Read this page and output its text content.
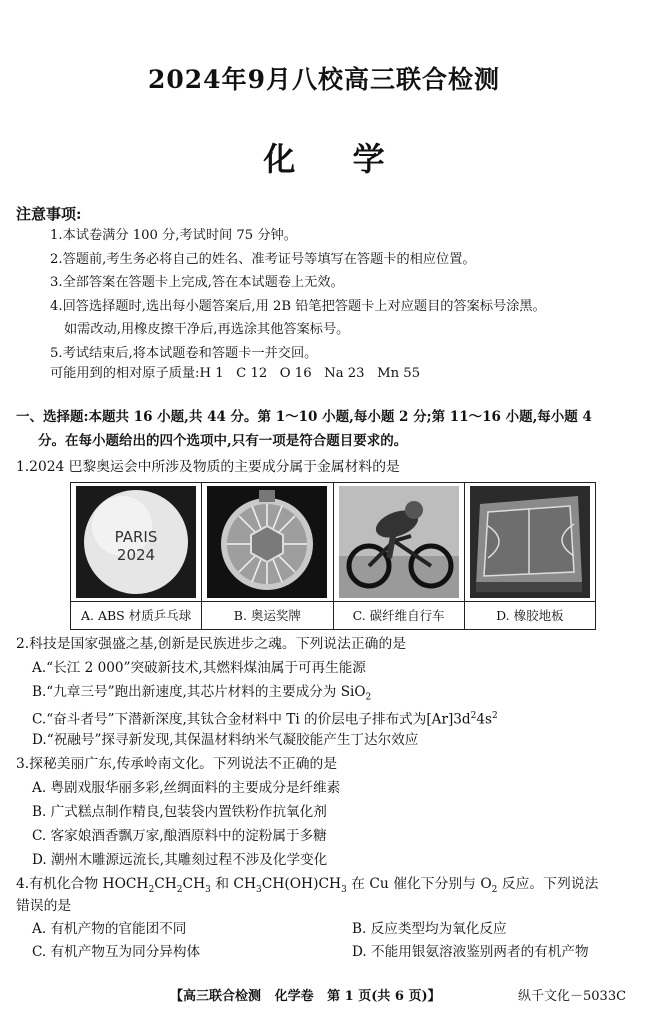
2024年9月八校高三联合检测
化 学
注意事项:
1.本试卷满分 100 分,考试时间 75 分钟。
2.答题前,考生务必将自己的姓名、准考证号等填写在答题卡的相应位置。
3.全部答案在答题卡上完成,答在本试题卷上无效。
4.回答选择题时,选出每小题答案后,用 2B 铅笔把答题卡上对应题目的答案标号涂黑。
如需改动,用橡皮擦干净后,再选涂其他答案标号。
5.考试结束后,将本试题卷和答题卡一并交回。
可能用到的相对原子质量:H 1   C 12   O 16   Na 23   Mn 55
一、选择题:本题共 16 小题,共 44 分。第 1～10 小题,每小题 2 分;第 11～16 小题,每小题 4
分。在每小题给出的四个选项中,只有一项是符合题目要求的。
1.2024 巴黎奥运会中所涉及物质的主要成分属于金属材料的是
PARIS
2024
A. ABS 材质乒乓球	B. 奥运奖牌	C. 碳纤维自行车	D. 橡胶地板
2.科技是国家强盛之基,创新是民族进步之魂。下列说法正确的是
A.“长江 2 000”突破新技术,其燃料煤油属于可再生能源
B.“九章三号”跑出新速度,其芯片材料的主要成分为 SiO$_2$
C.“奋斗者号”下潜新深度,其钛合金材料中 Ti 的价层电子排布式为$[Ar]3d^24s^2$
D.“祝融号”探寻新发现,其保温材料纳米气凝胶能产生丁达尔效应
3.探秘美丽广东,传承岭南文化。下列说法不正确的是
A. 粤剧戏服华丽多彩,丝绸面料的主要成分是纤维素
B. 广式糕点制作精良,包装袋内置铁粉作抗氧化剂
C. 客家娘酒香飘万家,酿酒原料中的淀粉属于多糖
D. 潮州木雕源远流长,其雕刻过程不涉及化学变化
4.有机化合物 $HOCH_2CH_2CH_3$ 和 $CH_3CH(OH)CH_3$ 在 Cu 催化下分别与 $O_2$ 反应。下列说法
错误的是
A. 有机产物的官能团不同	B. 反应类型均为氧化反应
C. 有机产物互为同分异构体	D. 不能用银氨溶液鉴别两者的有机产物
【高三联合检测   化学卷   第 1 页(共 6 页)】	纵千文化－5033C
